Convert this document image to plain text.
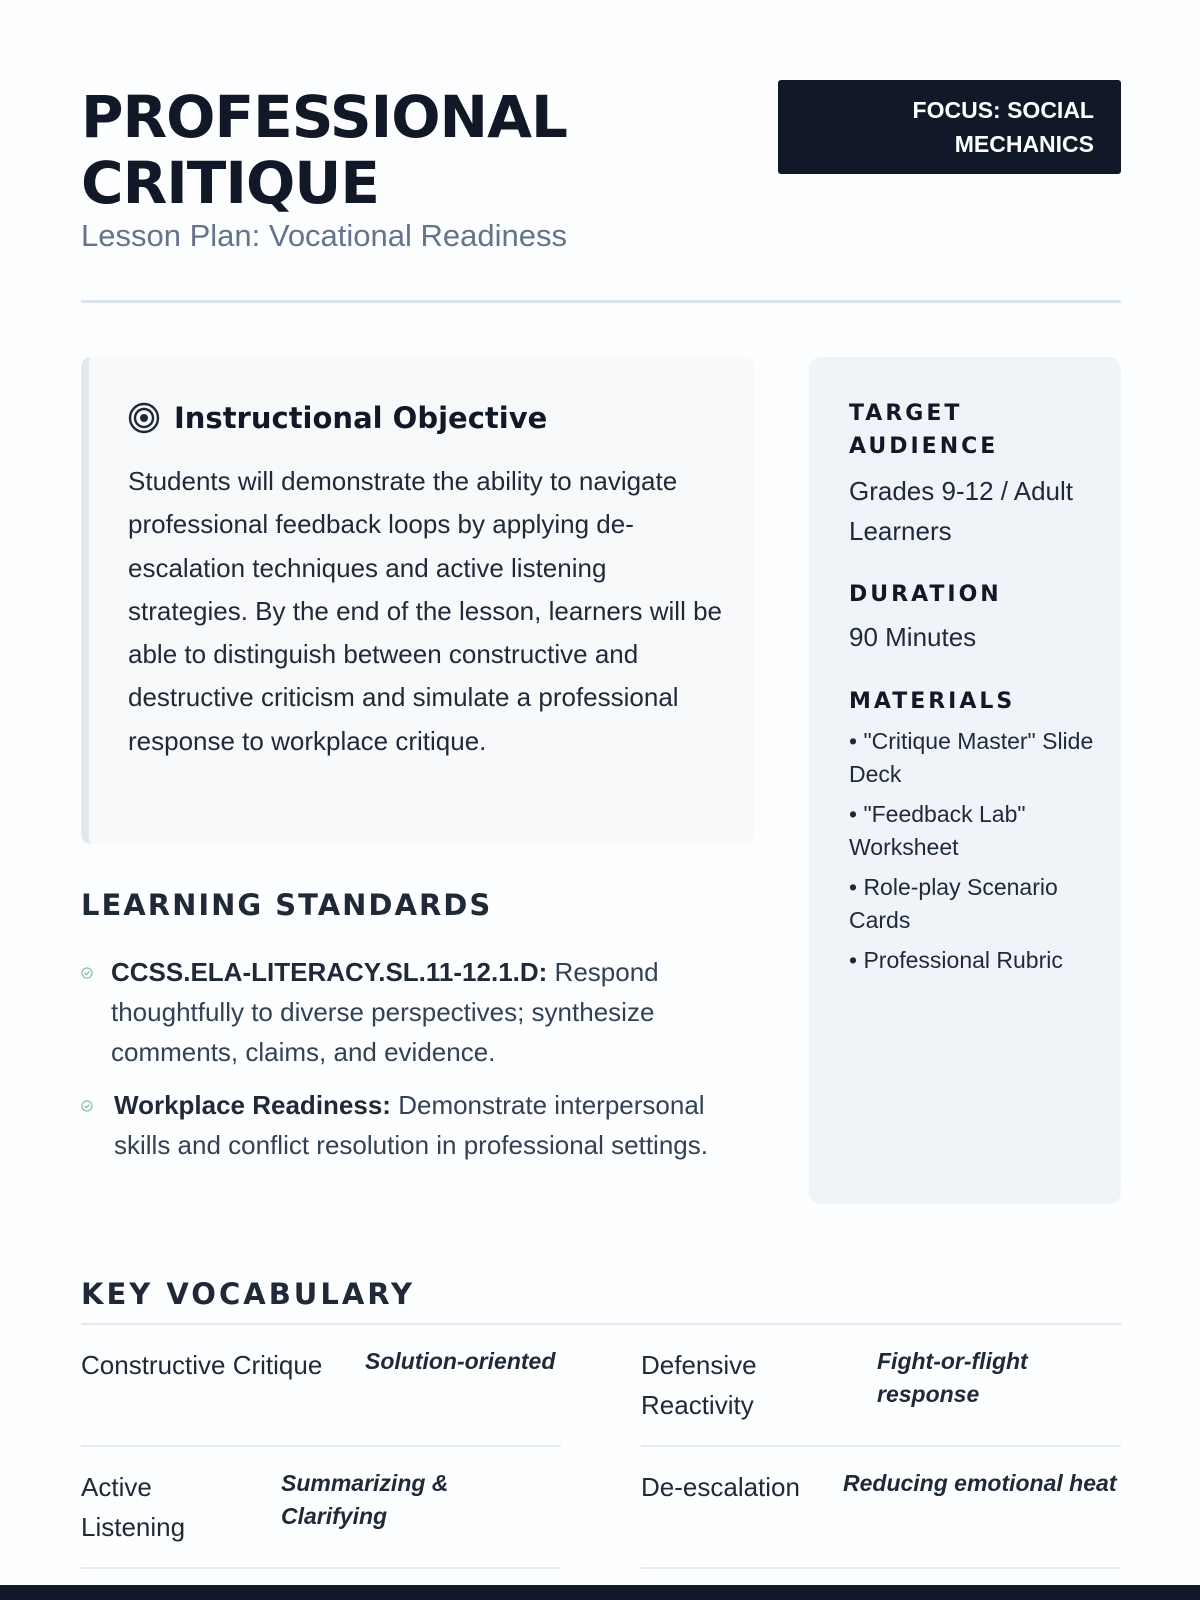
PROFESSIONAL CRITIQUE
Lesson Plan: Vocational Readiness
FOCUS: SOCIAL MECHANICS
Instructional Objective

Students will demonstrate the ability to navigate professional feedback loops by applying de-escalation techniques and active listening strategies. By the end of the lesson, learners will be able to distinguish between constructive and destructive criticism and simulate a professional response to workplace critique.

LEARNING STANDARDS
CCSS.ELA-LITERACY.SL.11-12.1.D: Respond thoughtfully to diverse perspectives; synthesize comments, claims, and evidence.
Workplace Readiness: Demonstrate interpersonal skills and conflict resolution in professional settings.
TARGET AUDIENCE
Grades 9-12 / Adult Learners
DURATION
90 Minutes
MATERIALS
• "Critique Master" Slide Deck
• "Feedback Lab" Worksheet
• Role-play Scenario Cards
• Professional Rubric
KEY VOCABULARY
Constructive Critique Solution-oriented	Defensive Reactivity
Fight-or-flight response
Active Listening
Summarizing & Clarifying
De-escalation Reducing emotional heat
